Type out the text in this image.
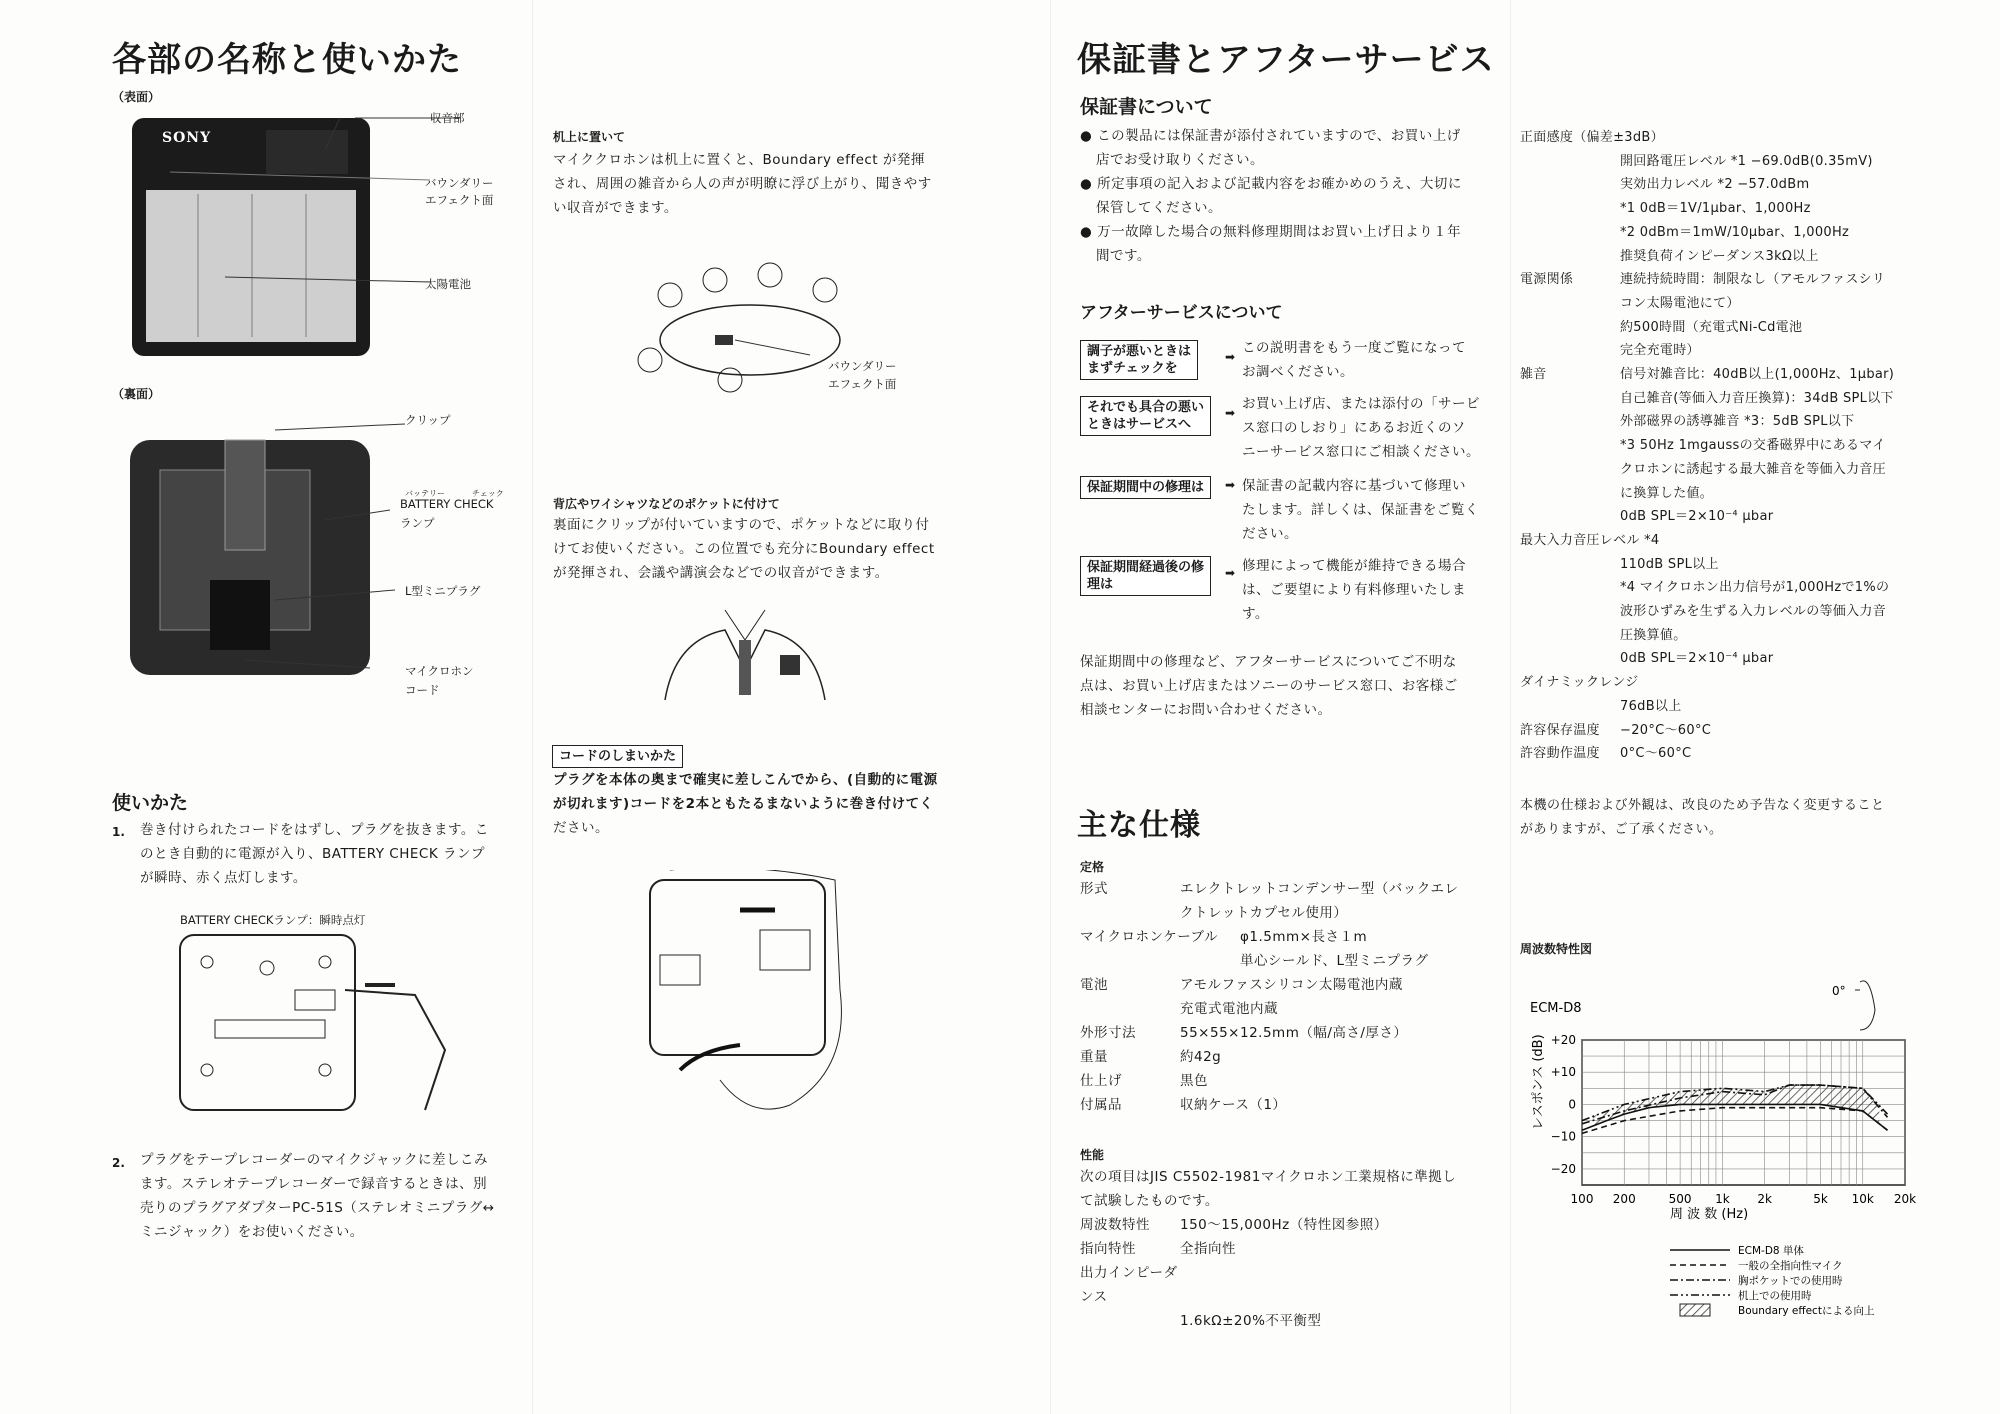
各部の名称と使いかた
（表面）
SONY
収音部
バウンダリー
エフェクト面
太陽電池
（裏面）
クリップ
バッテリー	チェック
BATTERY CHECK
ランプ
L型ミニプラグ
マイクロホン
コード
使いかた
1. 巻き付けられたコードをはずし、プラグを抜きます。こ
のとき自動的に電源が入り、BATTERY CHECK ランプ
が瞬時、赤く点灯します。
BATTERY CHECKランプ：瞬時点灯
2. プラグをテープレコーダーのマイクジャックに差しこみ
ます。ステレオテープレコーダーで録音するときは、別
売りのプラグアダプターPC-51S（ステレオミニプラグ↔
ミニジャック）をお使いください。
机上に置いて
マイククロホンは机上に置くと、Boundary effect が発揮
され、周囲の雑音から人の声が明瞭に浮び上がり、聞きやす
い収音ができます。
バウンダリー
エフェクト面
背広やワイシャツなどのポケットに付けて
裏面にクリップが付いていますので、ポケットなどに取り付
けてお使いください。この位置でも充分にBoundary effect
が発揮され、会議や講演会などでの収音ができます。
コードのしまいかた
プラグを本体の奥まで確実に差しこんでから、(自動的に電源
が切れます)コードを2本ともたるまないように巻き付けてく
ださい。
保証書とアフターサービス
保証書について
● この製品には保証書が添付されていますので、お買い上げ
店でお受け取りください。
● 所定事項の記入および記載内容をお確かめのうえ、大切に
保管してください。
● 万一故障した場合の無料修理期間はお買い上げ日より１年
間です。
アフターサービスについて
調子が悪いときは
まずチェックを
➡
この説明書をもう一度ご覧になって
お調べください。
それでも具合の悪い
ときはサービスへ
➡
お買い上げ店、または添付の「サービ
ス窓口のしおり」にあるお近くのソ
ニーサービス窓口にご相談ください。
保証期間中の修理は ➡ 保証書の記載内容に基づいて修理い
たします。詳しくは、保証書をご覧く
ださい。
保証期間経過後の修
理は
➡ 修理によって機能が維持できる場合
は、ご要望により有料修理いたしま
す。
保証期間中の修理など、アフターサービスについてご不明な
点は、お買い上げ店またはソニーのサービス窓口、お客様ご
相談センターにお問い合わせください。
主な仕様
定格
形式	エレクトレットコンデンサー型（バックエレ
クトレットカプセル使用）
マイクロホンケーブル	φ1.5mm×長さ１m
単心シールド、L型ミニプラグ
電池	アモルファスシリコン太陽電池内蔵
充電式電池内蔵
外形寸法	55×55×12.5mm（幅/高さ/厚さ）
重量	約42g
仕上げ	黒色
付属品	収納ケース（1）
性能
次の項目はJIS C5502-1981マイクロホン工業規格に準拠し
て試験したものです。
周波数特性	150～15,000Hz（特性図参照）
指向特性	全指向性
出力インピーダンス
1.6kΩ±20%不平衡型
正面感度（偏差±3dB）
開回路電圧レベル *1 −69.0dB(0.35mV)
実効出力レベル *2 −57.0dBm
*1 0dB＝1V/1μbar、1,000Hz
*2 0dBm＝1mW/10μbar、1,000Hz
推奨負荷インピーダンス3kΩ以上
電源関係	連続持続時間：制限なし（アモルファスシリ
コン太陽電池にて）
約500時間（充電式Ni-Cd電池
完全充電時）
雑音	信号対雑音比：40dB以上(1,000Hz、1μbar)
自己雑音(等価入力音圧換算)：34dB SPL以下
外部磁界の誘導雑音 *3：5dB SPL以下
*3 50Hz 1mgaussの交番磁界中にあるマイ
クロホンに誘起する最大雑音を等価入力音圧
に換算した値。
0dB SPL＝2×10⁻⁴ μbar
最大入力音圧レベル *4
110dB SPL以上
*4 マイクロホン出力信号が1,000Hzで1%の
波形ひずみを生ずる入力レベルの等価入力音
圧換算値。
0dB SPL＝2×10⁻⁴ μbar
ダイナミックレンジ
76dB以上
許容保存温度	−20°C〜60°C
許容動作温度	0°C〜60°C
本機の仕様および外観は、改良のため予告なく変更すること
がありますが、ご了承ください。
周波数特性図
ECM-D8
0°
100 200	500 1k 2k	5k 10k 20k
+20
+10
0
−10
−20
レスポンス (dB)
周 波 数 (Hz)
ECM-D8 単体
一般の全指向性マイク
胸ポケットでの使用時
机上での使用時
Boundary effectによる向上
